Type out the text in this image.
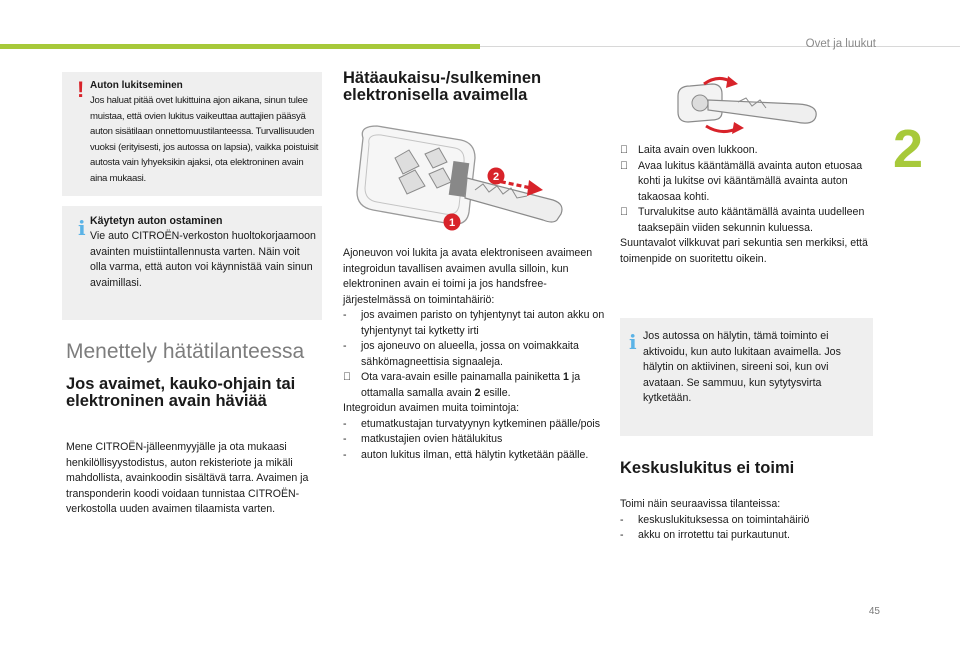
Ovet ja luukut
2
! Auton lukitseminen
Jos haluat pitää ovet lukittuina ajon aikana, sinun tulee muistaa, että ovien lukitus vaikeuttaa auttajien pääsyä auton sisätilaan onnettomuustilanteessa. Turvallisuuden vuoksi (erityisesti, jos autossa on lapsia), vaikka poistuisit autosta vain lyhyeksikin ajaksi, ota elektroninen avain aina mukaasi.
i Käytetyn auton ostaminen
Vie auto CITROËN-verkoston huoltokorjaamoon avainten muistiintallennusta varten. Näin voit olla varma, että auton voi käynnistää vain sinun avaimillasi.
Menettely hätätilanteessa
Jos avaimet, kauko-ohjain tai elektroninen avain häviää
Mene CITROËN-jälleenmyyjälle ja ota mukaasi henkilöllisyystodistus, auton rekisteriote ja mikäli mahdollista, avainkoodin sisältävä tarra. Avaimen ja transponderin koodi voidaan tunnistaa CITROËN-verkostolla uuden avaimen tilaamista varten.
Hätäaukaisu-/sulkeminen elektronisella avaimella
1
2
Ajoneuvon voi lukita ja avata elektroniseen avaimeen integroidun tavallisen avaimen avulla silloin, kun elektroninen avain ei toimi ja jos handsfree-järjestelmässä on toimintahäiriö:
-	jos avaimen paristo on tyhjentynyt tai auton akku on tyhjentynyt tai kytketty irti
-	jos ajoneuvo on alueella, jossa on voimakkaita sähkömagneettisia signaaleja.
Ota vara-avain esille painamalla painiketta 1 ja ottamalla samalla avain 2 esille.
Integroidun avaimen muita toimintoja:
-	etumatkustajan turvatyynyn kytkeminen päälle/pois
-	matkustajien ovien hätälukitus
-	auton lukitus ilman, että hälytin kytketään päälle.
Laita avain oven lukkoon.
Avaa lukitus kääntämällä avainta auton etuosaa kohti ja lukitse ovi kääntämällä avainta auton takaosaa kohti.
Turvalukitse auto kääntämällä avainta uudelleen taaksepäin viiden sekunnin kuluessa.
Suuntavalot vilkkuvat pari sekuntia sen merkiksi, että toimenpide on suoritettu oikein.
i Jos autossa on hälytin, tämä toiminto ei aktivoidu, kun auto lukitaan avaimella. Jos hälytin on aktiivinen, sireeni soi, kun ovi avataan. Se sammuu, kun sytytysvirta kytketään.
Keskuslukitus ei toimi
Toimi näin seuraavissa tilanteissa:
-	keskuslukituksessa on toimintahäiriö
-	akku on irrotettu tai purkautunut.
45
